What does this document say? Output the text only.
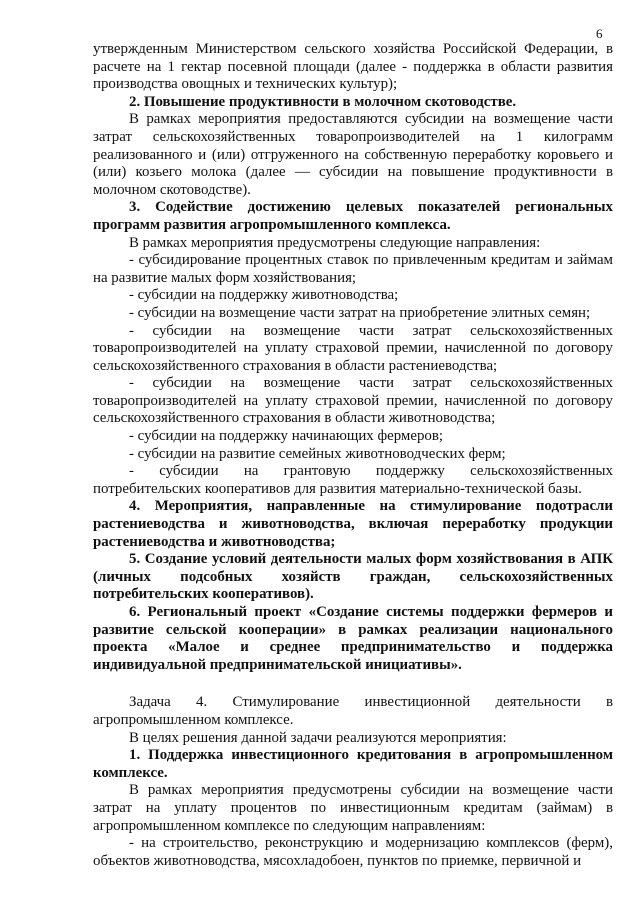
6

утвержденным Министерством сельского хозяйства Российской Федерации, в расчете на 1 гектар посевной площади (далее - поддержка в области развития производства овощных и технических культур);

2. Повышение продуктивности в молочном скотоводстве.

В рамках мероприятия предоставляются субсидии на возмещение части затрат сельскохозяйственных товаропроизводителей на 1 килограмм реализованного и (или) отгруженного на собственную переработку коровьего и (или) козьего молока (далее — субсидии на повышение продуктивности в молочном скотоводстве).

3. Содействие достижению целевых показателей региональных программ развития агропромышленного комплекса.

В рамках мероприятия предусмотрены следующие направления:

- субсидирование процентных ставок по привлеченным кредитам и займам на развитие малых форм хозяйствования;

- субсидии на поддержку животноводства;

- субсидии на возмещение части затрат на приобретение элитных семян;

- субсидии на возмещение части затрат сельскохозяйственных товаропроизводителей на уплату страховой премии, начисленной по договору сельскохозяйственного страхования в области растениеводства;

- субсидии на возмещение части затрат сельскохозяйственных товаропроизводителей на уплату страховой премии, начисленной по договору сельскохозяйственного страхования в области животноводства;

- субсидии на поддержку начинающих фермеров;

- субсидии на развитие семейных животноводческих ферм;

- субсидии на грантовую поддержку сельскохозяйственных потребительских кооперативов для развития материально-технической базы.

4. Мероприятия, направленные на стимулирование подотрасли растениеводства и животноводства, включая переработку продукции растениеводства и животноводства;

5. Создание условий деятельности малых форм хозяйствования в АПК (личных подсобных хозяйств граждан, сельскохозяйственных потребительских кооперативов).

6. Региональный проект «Создание системы поддержки фермеров и развитие сельской кооперации» в рамках реализации национального проекта «Малое и среднее предпринимательство и поддержка индивидуальной предпринимательской инициативы».

Задача 4. Стимулирование инвестиционной деятельности в агропромышленном комплексе.

В целях решения данной задачи реализуются мероприятия:

1. Поддержка инвестиционного кредитования в агропромышленном комплексе.

В рамках мероприятия предусмотрены субсидии на возмещение части затрат на уплату процентов по инвестиционным кредитам (займам) в агропромышленном комплексе по следующим направлениям:

- на строительство, реконструкцию и модернизацию комплексов (ферм), объектов животноводства, мясохладобоен, пунктов по приемке, первичной и
